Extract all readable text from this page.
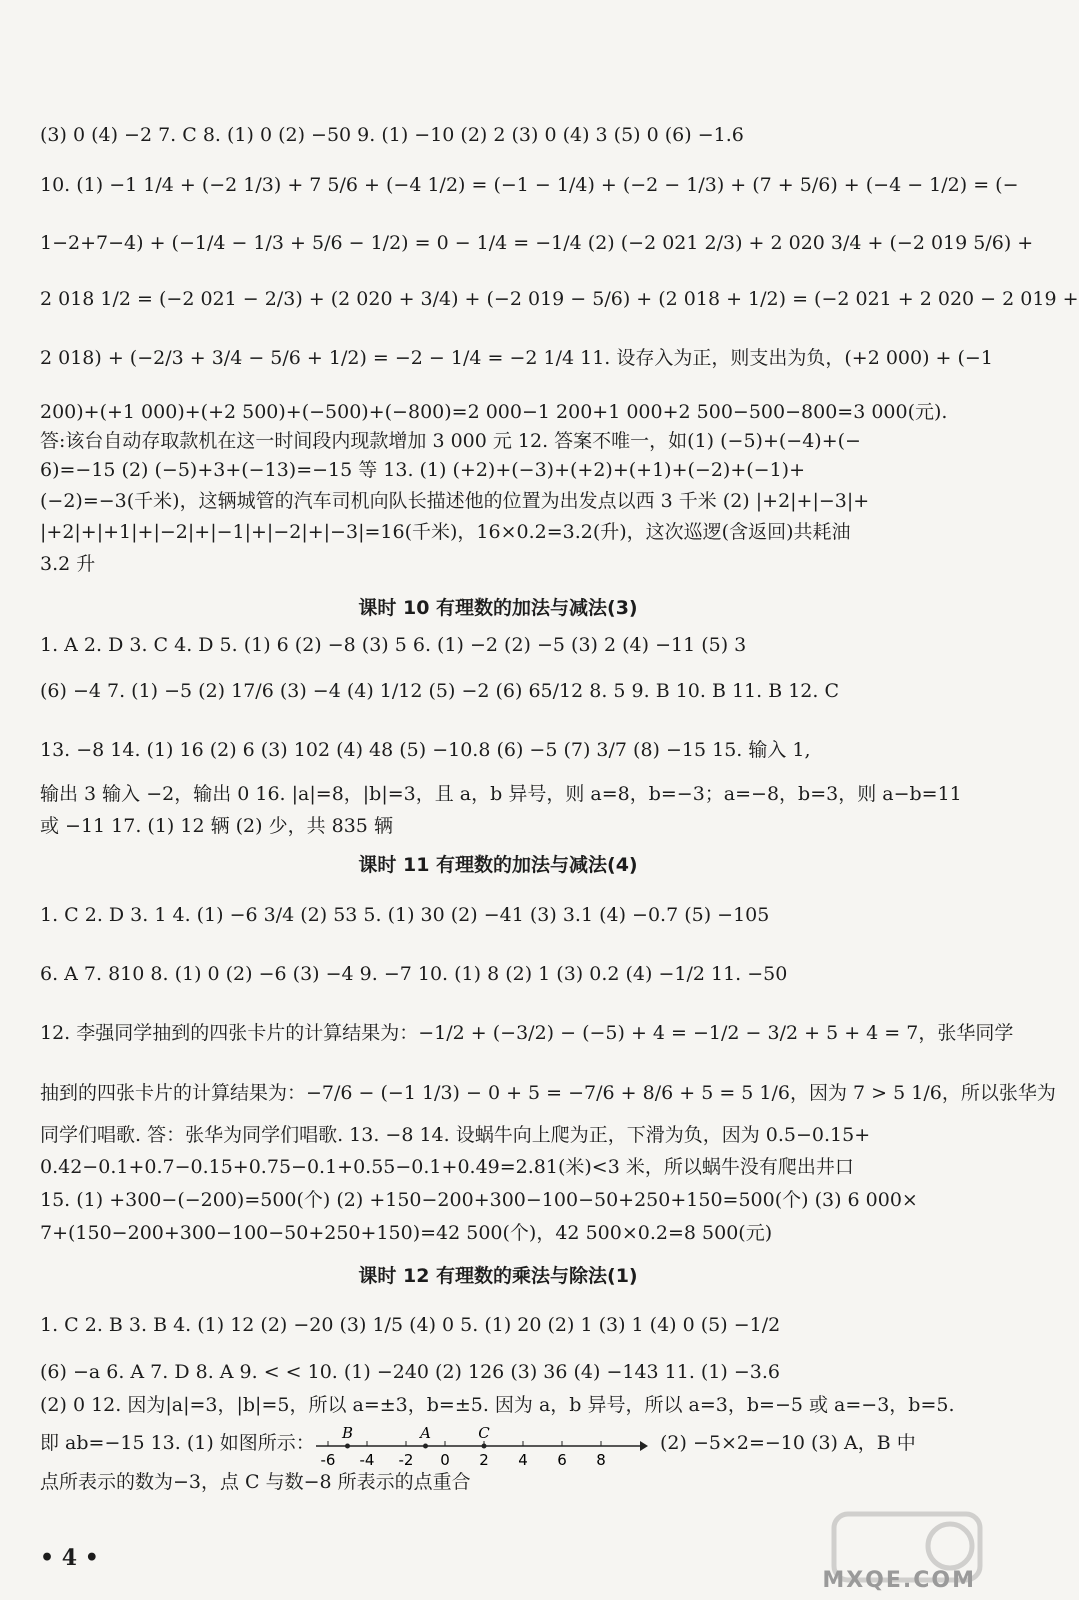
(3) 0 (4) −2 7. C 8. (1) 0 (2) −50 9. (1) −10 (2) 2 (3) 0 (4) 3 (5) 0 (6) −1.6
10. (1) −1 1/4 + (−2 1/3) + 7 5/6 + (−4 1/2) = (−1 − 1/4) + (−2 − 1/3) + (7 + 5/6) + (−4 − 1/2) = (−
1−2+7−4) + (−1/4 − 1/3 + 5/6 − 1/2) = 0 − 1/4 = −1/4 (2) (−2 021 2/3) + 2 020 3/4 + (−2 019 5/6) +
2 018 1/2 = (−2 021 − 2/3) + (2 020 + 3/4) + (−2 019 − 5/6) + (2 018 + 1/2) = (−2 021 + 2 020 − 2 019 +
2 018) + (−2/3 + 3/4 − 5/6 + 1/2) = −2 − 1/4 = −2 1/4 11. 设存入为正，则支出为负，(+2 000) + (−1
200)+(+1 000)+(+2 500)+(−500)+(−800)=2 000−1 200+1 000+2 500−500−800=3 000(元).
答:该台自动存取款机在这一时间段内现款增加 3 000 元 12. 答案不唯一，如(1) (−5)+(−4)+(−
6)=−15 (2) (−5)+3+(−13)=−15 等 13. (1) (+2)+(−3)+(+2)+(+1)+(−2)+(−1)+
(−2)=−3(千米)，这辆城管的汽车司机向队长描述他的位置为出发点以西 3 千米 (2) |+2|+|−3|+
|+2|+|+1|+|−2|+|−1|+|−2|+|−3|=16(千米)，16×0.2=3.2(升)，这次巡逻(含返回)共耗油
3.2 升
课时 10 有理数的加法与减法(3)
1. A 2. D 3. C 4. D 5. (1) 6 (2) −8 (3) 5 6. (1) −2 (2) −5 (3) 2 (4) −11 (5) 3
(6) −4 7. (1) −5 (2) 17/6 (3) −4 (4) 1/12 (5) −2 (6) 65/12 8. 5 9. B 10. B 11. B 12. C
13. −8 14. (1) 16 (2) 6 (3) 102 (4) 48 (5) −10.8 (6) −5 (7) 3/7 (8) −15 15. 输入 1,
输出 3 输入 −2，输出 0 16. |a|=8，|b|=3，且 a，b 异号，则 a=8，b=−3；a=−8，b=3，则 a−b=11
或 −11 17. (1) 12 辆 (2) 少，共 835 辆
课时 11 有理数的加法与减法(4)
1. C 2. D 3. 1 4. (1) −6 3/4 (2) 53 5. (1) 30 (2) −41 (3) 3.1 (4) −0.7 (5) −105
6. A 7. 810 8. (1) 0 (2) −6 (3) −4 9. −7 10. (1) 8 (2) 1 (3) 0.2 (4) −1/2 11. −50
12. 李强同学抽到的四张卡片的计算结果为：−1/2 + (−3/2) − (−5) + 4 = −1/2 − 3/2 + 5 + 4 = 7，张华同学
抽到的四张卡片的计算结果为：−7/6 − (−1 1/3) − 0 + 5 = −7/6 + 8/6 + 5 = 5 1/6，因为 7 > 5 1/6，所以张华为
同学们唱歌. 答：张华为同学们唱歌. 13. −8 14. 设蜗牛向上爬为正，下滑为负，因为 0.5−0.15+
0.42−0.1+0.7−0.15+0.75−0.1+0.55−0.1+0.49=2.81(米)<3 米，所以蜗牛没有爬出井口
15. (1) +300−(−200)=500(个) (2) +150−200+300−100−50+250+150=500(个) (3) 6 000×
7+(150−200+300−100−50+250+150)=42 500(个)，42 500×0.2=8 500(元)
课时 12 有理数的乘法与除法(1)
1. C 2. B 3. B 4. (1) 12 (2) −20 (3) 1/5 (4) 0 5. (1) 20 (2) 1 (3) 1 (4) 0 (5) −1/2
(6) −a 6. A 7. D 8. A 9. < < 10. (1) −240 (2) 126 (3) 36 (4) −143 11. (1) −3.6
(2) 0 12. 因为|a|=3，|b|=5，所以 a=±3，b=±5. 因为 a，b 异号，所以 a=3，b=−5 或 a=−3，b=5.
即 ab=−15 13. (1) 如图所示：	(2) −5×2=−10 (3) A，B 中
点所表示的数为−3，点 C 与数−8 所表示的点重合
-6 -4 -2 0 2 4 6 8
B	A	C
• 4 •
MXQE.COM
